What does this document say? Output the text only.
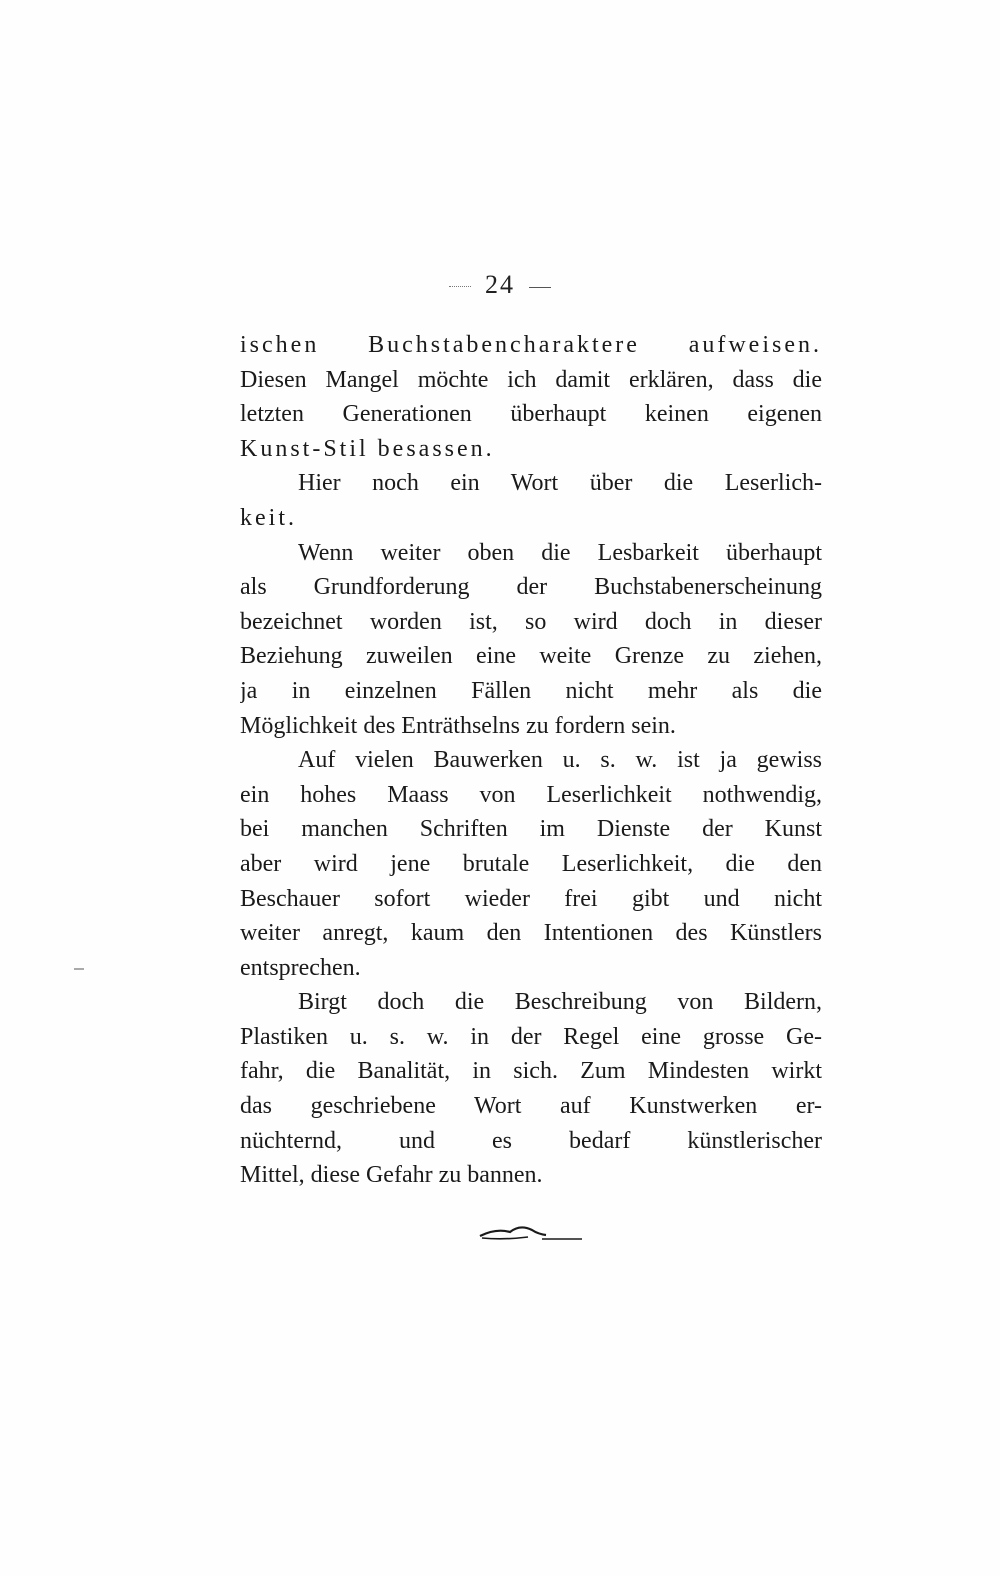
24
ischen Buchstabencharaktere aufweisen.
Diesen Mangel möchte ich damit erklären, dass die
letzten Generationen überhaupt keinen eigenen
Kunst-Stil besassen.
Hier noch ein Wort über die Leserlich-
keit.
Wenn weiter oben die Lesbarkeit überhaupt
als Grundforderung der Buchstabenerscheinung
bezeichnet worden ist, so wird doch in dieser
Beziehung zuweilen eine weite Grenze zu ziehen,
ja in einzelnen Fällen nicht mehr als die
Möglichkeit des Enträthselns zu fordern sein.
Auf vielen Bauwerken u. s. w. ist ja gewiss
ein hohes Maass von Leserlichkeit nothwendig,
bei manchen Schriften im Dienste der Kunst
aber wird jene brutale Leserlichkeit, die den
Beschauer sofort wieder frei gibt und nicht
weiter anregt, kaum den Intentionen des Künstlers
entsprechen.
Birgt doch die Beschreibung von Bildern,
Plastiken u. s. w. in der Regel eine grosse Ge-
fahr, die Banalität, in sich. Zum Mindesten wirkt
das geschriebene Wort auf Kunstwerken er-
nüchternd, und es bedarf künstlerischer
Mittel, diese Gefahr zu bannen.
